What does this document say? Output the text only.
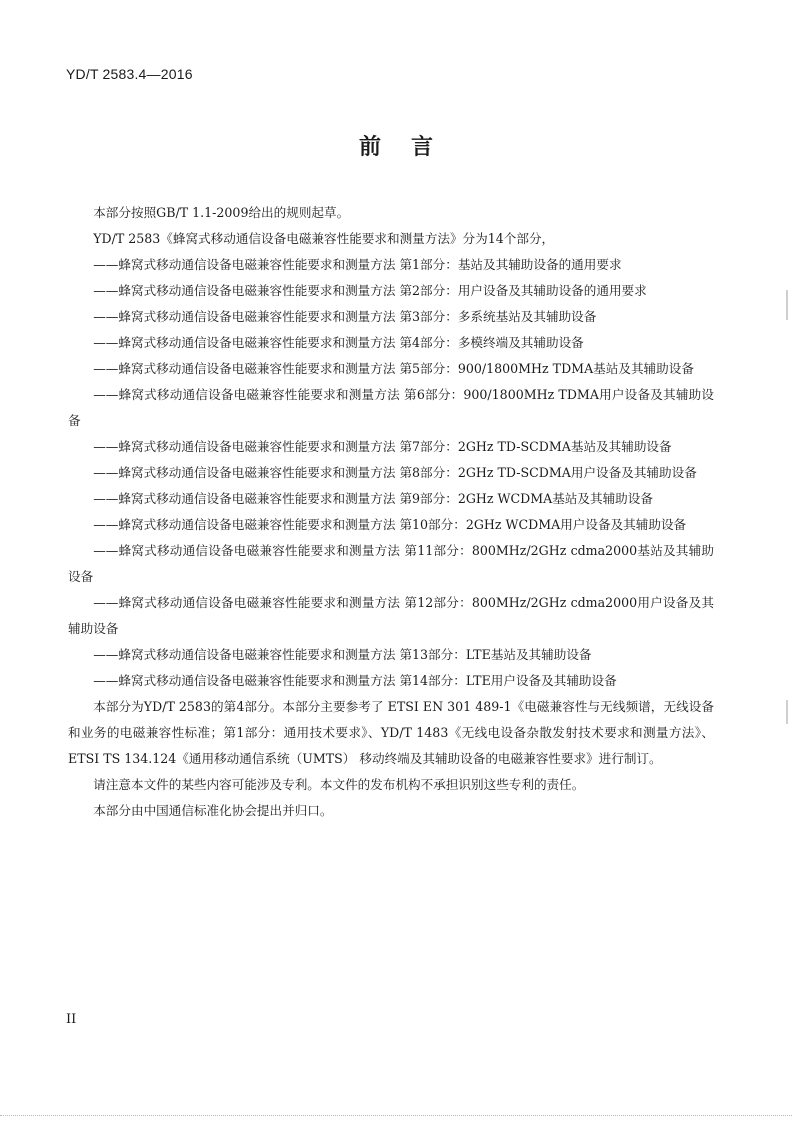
YD/T 2583.4—2016
前言

本部分按照GB/T 1.1-2009给出的规则起草。

YD/T 2583《蜂窝式移动通信设备电磁兼容性能要求和测量方法》分为14个部分，

——蜂窝式移动通信设备电磁兼容性能要求和测量方法 第1部分：基站及其辅助设备的通用要求

——蜂窝式移动通信设备电磁兼容性能要求和测量方法 第2部分：用户设备及其辅助设备的通用要求

——蜂窝式移动通信设备电磁兼容性能要求和测量方法 第3部分：多系统基站及其辅助设备

——蜂窝式移动通信设备电磁兼容性能要求和测量方法 第4部分：多模终端及其辅助设备

——蜂窝式移动通信设备电磁兼容性能要求和测量方法 第5部分：900/1800MHz TDMA基站及其辅助设备

——蜂窝式移动通信设备电磁兼容性能要求和测量方法 第6部分：900/1800MHz TDMA用户设备及其辅助设备

——蜂窝式移动通信设备电磁兼容性能要求和测量方法 第7部分：2GHz TD-SCDMA基站及其辅助设备

——蜂窝式移动通信设备电磁兼容性能要求和测量方法 第8部分：2GHz TD-SCDMA用户设备及其辅助设备

——蜂窝式移动通信设备电磁兼容性能要求和测量方法 第9部分：2GHz WCDMA基站及其辅助设备

——蜂窝式移动通信设备电磁兼容性能要求和测量方法 第10部分：2GHz WCDMA用户设备及其辅助设备

——蜂窝式移动通信设备电磁兼容性能要求和测量方法 第11部分：800MHz/2GHz cdma2000基站及其辅助设备

——蜂窝式移动通信设备电磁兼容性能要求和测量方法 第12部分：800MHz/2GHz cdma2000用户设备及其辅助设备

——蜂窝式移动通信设备电磁兼容性能要求和测量方法 第13部分：LTE基站及其辅助设备

——蜂窝式移动通信设备电磁兼容性能要求和测量方法 第14部分：LTE用户设备及其辅助设备

本部分为YD/T 2583的第4部分。本部分主要参考了 ETSI EN 301 489-1《电磁兼容性与无线频谱，无线设备和业务的电磁兼容性标准；第1部分：通用技术要求》、YD/T 1483《无线电设备杂散发射技术要求和测量方法》、ETSI TS 134.124《通用移动通信系统（UMTS） 移动终端及其辅助设备的电磁兼容性要求》进行制订。

请注意本文件的某些内容可能涉及专利。本文件的发布机构不承担识别这些专利的责任。

本部分由中国通信标准化协会提出并归口。

II
